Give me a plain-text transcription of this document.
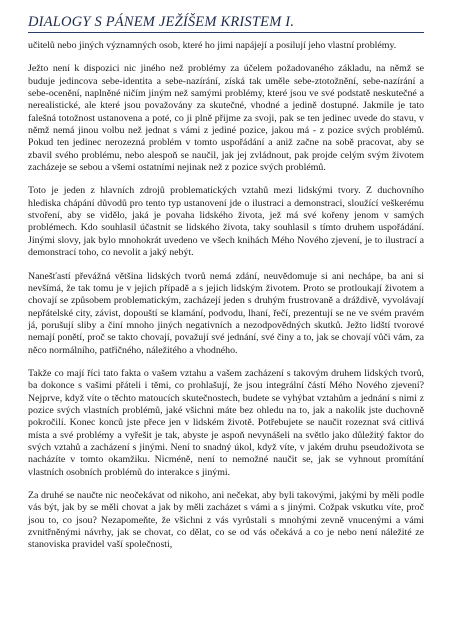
DIALOGY S PÁNEM JEŽÍŠEM KRISTEM I.

učitelů nebo jiných významných osob, které ho jimi napájejí a posilují jeho vlastní problémy.

Ježto není k dispozici nic jiného než problémy za účelem požadovaného základu, na němž se buduje jedincova sebe-identita a sebe-nazírání, získá tak uměle sebe-ztotožnění, sebe-nazírání a sebe-ocenění, naplněné ničím jiným než samými problémy, které jsou ve své podstatě neskutečné a nerealistické, ale které jsou považovány za skutečné, vhodné a jedině dostupné. Jakmile je tato falešná totožnost ustanovena a poté, co ji plně přijme za svoji, pak se ten jedinec uvede do stavu, v němž nemá jinou volbu než jednat s vámi z jediné pozice, jakou má - z pozice svých problémů. Pokud ten jedinec nerozezná problém v tomto uspořádání a aniž začne na sobě pracovat, aby se zbavil svého problému, nebo alespoň se naučil, jak jej zvládnout, pak projde celým svým životem zacházeje se sebou a všemi ostatními nejinak než z pozice svých problémů.

Toto je jeden z hlavních zdrojů problematických vztahů mezi lidskými tvory. Z duchovního hlediska chápání důvodů pro tento typ ustanovení jde o ilustraci a demonstraci, sloužící veškerému stvoření, aby se vidělo, jaká je povaha lidského života, jež má své kořeny jenom v samých problémech. Kdo souhlasil účastnit se lidského života, taky souhlasil s tímto druhem uspořádání. Jinými slovy, jak bylo mnohokrát uvedeno ve všech knihách Mého Nového zjevení, je to ilustrací a demonstrací toho, co nevolit a jaký nebýt.

Nanešťastí převážná většina lidských tvorů nemá zdání, neuvědomuje si ani nechápe, ba ani si nevšímá, že tak tomu je v jejich případě a s jejich lidským životem. Proto se protloukají životem a chovají se způsobem problematickým, zacházejí jeden s druhým frustrovaně a dráždivě, vyvolávají nepřátelské city, závist, dopouští se klamání, podvodu, lhaní, řečí, prezentují se ne ve svém pravém já, porušují sliby a činí mnoho jiných negativních a nezodpovědných skutků. Ježto lidští tvorové nemají ponětí, proč se takto chovají, považují své jednání, své činy a to, jak se chovají vůči vám, za něco normálního, patřičného, náležitého a vhodného.

Takže co mají říci tato fakta o vašem vztahu a vašem zacházení s takovým druhem lidských tvorů, ba dokonce s vašimi přáteli i těmi, co prohlašují, že jsou integrální částí Mého Nového zjevení? Nejprve, když víte o těchto matoucích skutečnostech, budete se vyhýbat vztahům a jednání s nimi z pozice svých vlastních problémů, jaké všichni máte bez ohledu na to, jak a nakolik jste duchovně pokročilí. Konec konců jste přece jen v lidském životě. Potřebujete se naučit rozeznat svá citlivá místa a své problémy a vyřešit je tak, abyste je aspoň nevynášeli na světlo jako důležitý faktor do svých vztahů a zacházení s jinými. Není to snadný úkol, když víte, v jakém druhu pseudoživota se nacházíte v tomto okamžiku. Nicméně, není to nemožné naučit se, jak se vyhnout promítání vlastních osobních problémů do interakce s jinými.

Za druhé se naučte nic neočekávat od nikoho, ani nečekat, aby byli takovými, jakými by měli podle vás být, jak by se měli chovat a jak by měli zacházet s vámi a s jinými. Cožpak vskutku víte, proč jsou to, co jsou? Nezapomeňte, že všichni z vás vyrůstali s mnohými zevně vnucenými a vámi zvnitřněnými návrhy, jak se chovat, co dělat, co se od vás očekává a co je nebo není náležité ze stanoviska pravidel vaší společnosti,
